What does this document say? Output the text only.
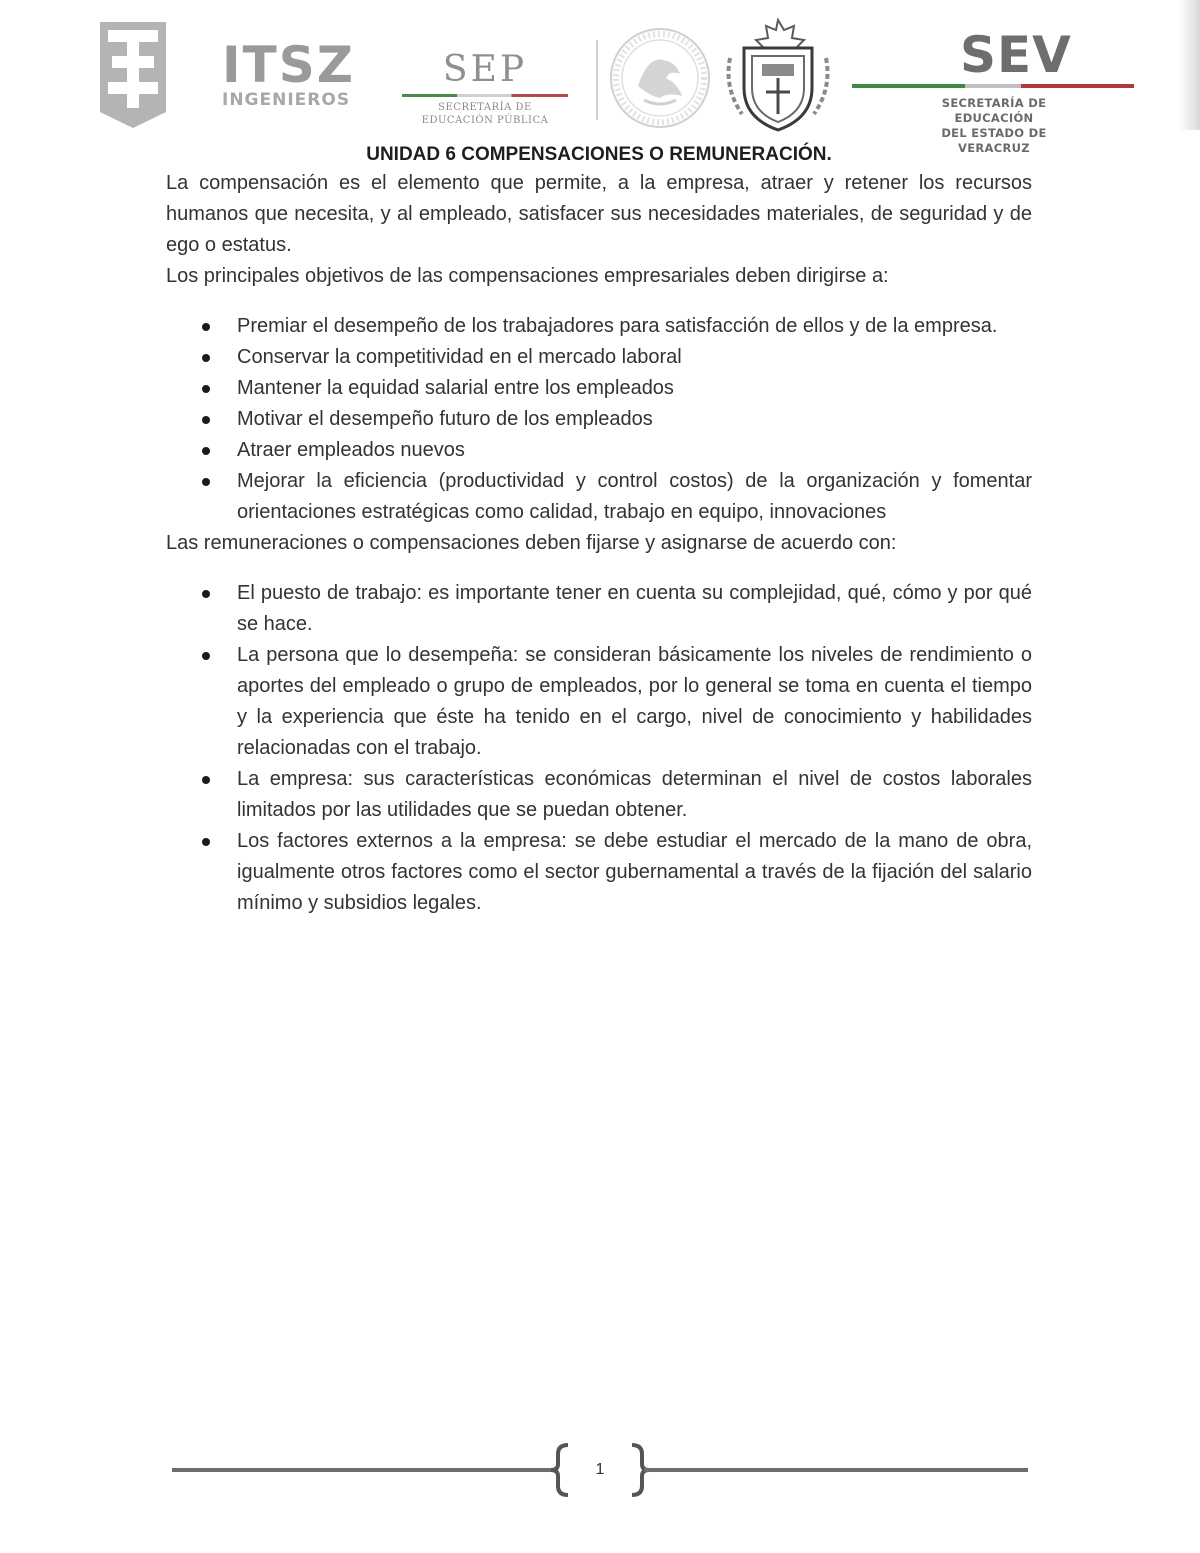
ITSZ
INGENIEROS
SEP
SECRETARÍA DE
EDUCACIÓN PÚBLICA
SEV
SECRETARÍA DE EDUCACIÓN
DEL ESTADO DE VERACRUZ
UNIDAD 6 COMPENSACIONES O REMUNERACIÓN.

La compensación es el elemento que permite, a la empresa, atraer y retener los recursos humanos que necesita, y al empleado, satisfacer sus necesidades materiales, de seguridad y de ego o estatus.

Los principales objetivos de las compensaciones empresariales deben dirigirse a:

Premiar el desempeño de los trabajadores para satisfacción de ellos y de la empresa.
Conservar la competitividad en el mercado laboral
Mantener la equidad salarial entre los empleados
Motivar el desempeño futuro de los empleados
Atraer empleados nuevos
Mejorar la eficiencia (productividad y control costos) de la organización y fomentar orientaciones estratégicas como calidad, trabajo en equipo, innovaciones

Las remuneraciones o compensaciones deben fijarse y asignarse de acuerdo con:

El puesto de trabajo: es importante tener en cuenta su complejidad, qué, cómo y por qué se hace.
La persona que lo desempeña: se consideran básicamente los niveles de rendimiento o aportes del empleado o grupo de empleados, por lo general se toma en cuenta el tiempo y la experiencia que éste ha tenido en el cargo, nivel de conocimiento y habilidades relacionadas con el trabajo.
La empresa: sus características económicas determinan el nivel de costos laborales limitados por las utilidades que se puedan obtener.
Los factores externos a la empresa: se debe estudiar el mercado de la mano de obra, igualmente otros factores como el sector gubernamental a través de la fijación del salario mínimo y subsidios legales.
1
